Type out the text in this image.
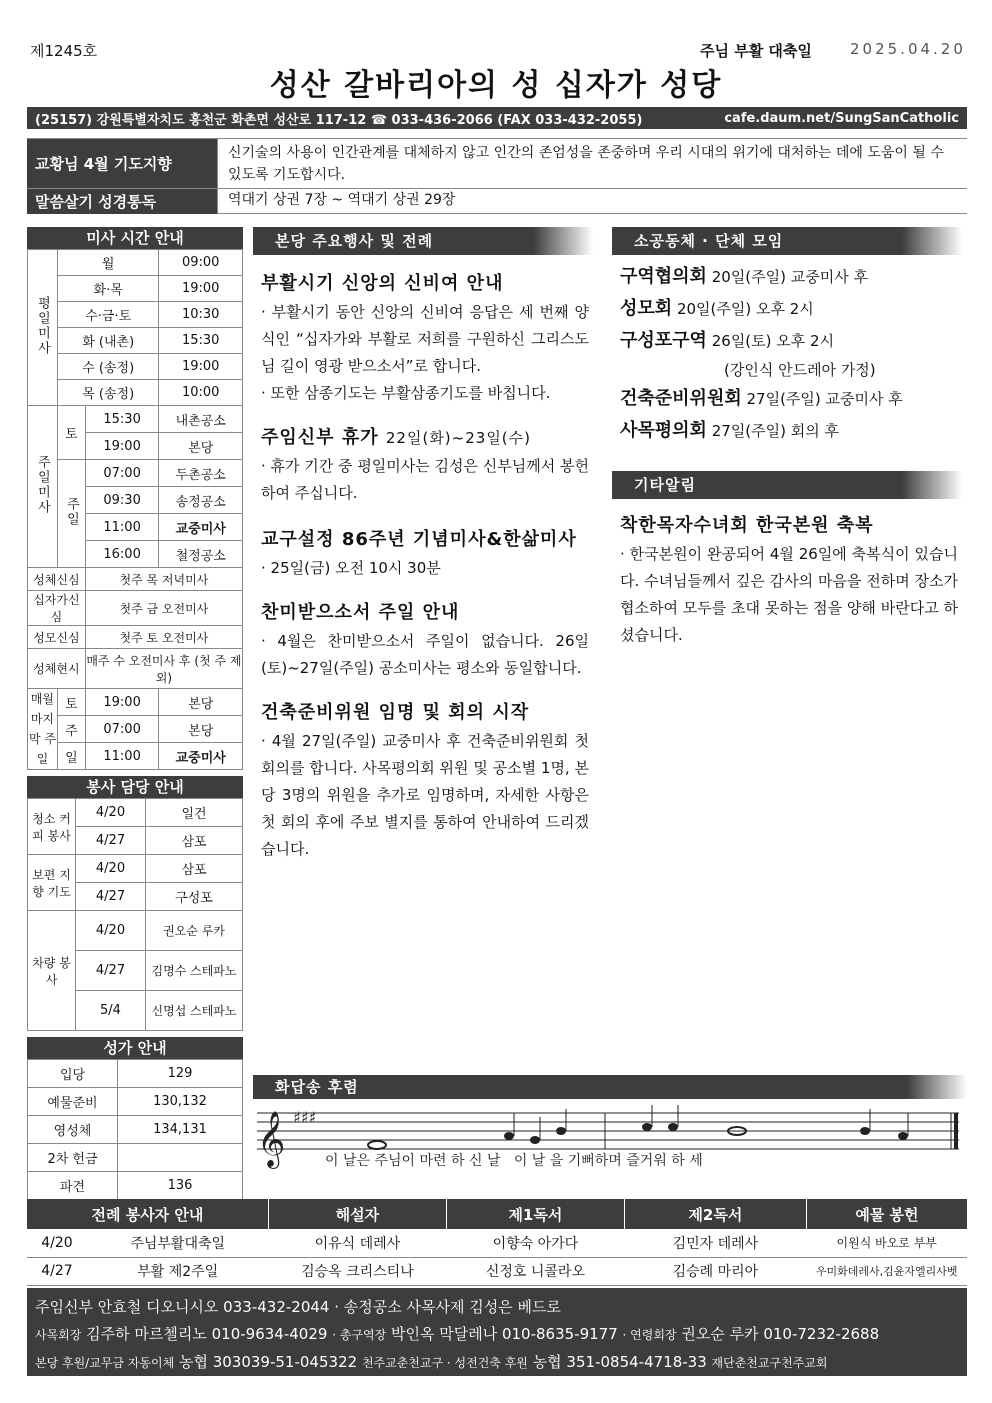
제1245호	주님 부활 대축일	2025.04.20
성산 갈바리아의 성 십자가 성당
(25157) 강원특별자치도 홍천군 화촌면 성산로 117-12 ☎ 033-436-2066 (FAX 033-432-2055)	cafe.daum.net/SungSanCatholic
교황님 4월 기도지향
신기술의 사용이 인간관계를 대체하지 않고 인간의 존엄성을 존중하며 우리 시대의 위기에 대처하는 데에 도움이 될 수 있도록 기도합시다.
말씀살기 성경통독	역대기 상권 7장 ~ 역대기 상권 29장
미사 시간 안내
평일미사	월		09:00
	화·목		19:00
	수·금·토		10:30
	화 (내촌)		15:30
	수 (송정)		19:00
	목 (송정)		10:00
주일미사	토	15:30	내촌공소
		19:00	본당
	주일	07:00	두촌공소
		09:30	송정공소
		11:00	교중미사
		16:00	철정공소
성체신심		첫주 목 저녁미사	
십자가신심		첫주 금 오전미사	
성모신심		첫주 토 오전미사	
성체현시		매주 수 오전미사 후 (첫 주 제외)	
매월 마지막 주일	토	19:00	본당
	주	07:00	본당
	일	11:00	교중미사
봉사 담당 안내
청소 커피 봉사	4/20	일건
	4/27	삼포
보편 지향 기도	4/20	삼포
	4/27	구성포
차량 봉사	4/20	권오순 루카
	4/27	김명수 스테파노
	5/4	신명섭 스테파노
성가 안내
입당	129
예물준비	130,132
영성체	134,131
2차 헌금	
파견	136
본당 주요행사 및 전례
부활시기 신앙의 신비여 안내

· 부활시기 동안 신앙의 신비여 응답은 세 번째 양식인 “십자가와 부활로 저희를 구원하신 그리스도님 길이 영광 받으소서”로 합니다.

· 또한 삼종기도는 부활삼종기도를 바칩니다.

주임신부 휴가 22일(화)~23일(수)

· 휴가 기간 중 평일미사는 김성은 신부님께서 봉헌하여 주십니다.

교구설정 86주년 기념미사&한삶미사

· 25일(금) 오전 10시 30분

찬미받으소서 주일 안내

· 4월은 찬미받으소서 주일이 없습니다. 26일(토)~27일(주일) 공소미사는 평소와 동일합니다.

건축준비위원 임명 및 회의 시작

· 4월 27일(주일) 교중미사 후 건축준비위원회 첫 회의를 합니다. 사목평의회 위원 및 공소별 1명, 본당 3명의 위원을 추가로 임명하며, 자세한 사항은 첫 회의 후에 주보 별지를 통하여 안내하여 드리겠습니다.

소공동체 · 단체 모임
구역협의회 20일(주일) 교중미사 후
성모회 20일(주일) 오후 2시
구성포구역 26일(토) 오후 2시
(강인식 안드레아 가정)
건축준비위원회 27일(주일) 교중미사 후
사목평의회 27일(주일) 회의 후
기타알림
착한목자수녀회 한국본원 축복

· 한국본원이 완공되어 4월 26일에 축복식이 있습니다. 수녀님들께서 깊은 감사의 마음을 전하며 장소가 협소하여 모두를 초대 못하는 점을 양해 바란다고 하셨습니다.

화답송 후렴
𝄞 ♯♯♯
이 날은 주님이 마련 하 신 날   이 날 을 기뻐하며 즐거워 하 세
전례 봉사자 안내		해설자	제1독서	제2독서	예물 봉헌
4/20	주님부활대축일	이유식 데레사	이향숙 아가다	김민자 데레사	이원식 바오로 부부
4/27	부활 제2주일	김승옥 크리스티나	신정호 니콜라오	김승례 마리아	우미화데레사,김윤자엘리사벳
주임신부 안효철 디오니시오 033-432-2044 · 송정공소 사목사제 김성은 베드로
사목회장 김주하 마르첼리노 010-9634-4029 · 총구역장 박인옥 막달레나 010-8635-9177 · 연령회장 권오순 루카 010-7232-2688
본당 후원/교무금 자동이체 농협 303039-51-045322 천주교춘천교구 · 성전건축 후원 농협 351-0854-4718-33 재단춘천교구천주교회
